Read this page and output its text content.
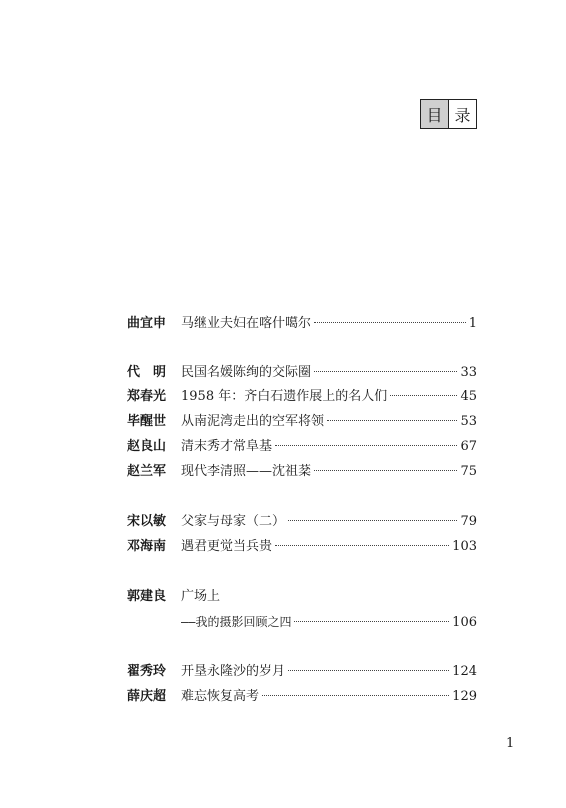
目 录
曲宜申	马继业夫妇在喀什噶尔	1
代　明	民国名媛陈绚的交际圈	33
郑春光	1958 年：齐白石遗作展上的名人们	45
毕醒世	从南泥湾走出的空军将领	53
赵良山	清末秀才常阜基	67
赵兰军	现代李清照——沈祖棻	75
宋以敏	父家与母家（二）	79
邓海南	遇君更觉当兵贵	103
郭建良	广场上
——我的摄影回顾之四	106
翟秀玲	开垦永隆沙的岁月	124
薛庆超	难忘恢复高考	129
1
